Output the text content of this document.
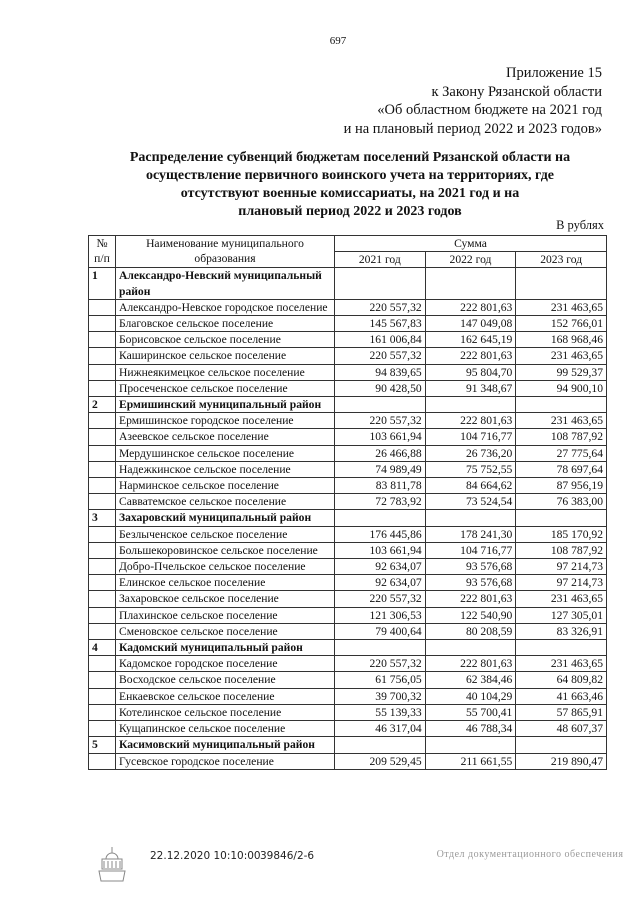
697
Приложение 15
к Закону Рязанской области
«Об областном бюджете на 2021 год
и на плановый период 2022 и 2023 годов»
Распределение субвенций бюджетам поселений Рязанской области на
осуществление первичного воинского учета на территориях, где
отсутствуют военные комиссариаты, на 2021 год и на
плановый период 2022 и 2023 годов
В рублях
№ п/п	Наименование муниципального образования	Сумма		
		2021 год	2022 год	2023 год
1	Александро-Невский муниципальный район			
	Александро-Невское городское поселение	220 557,32	222 801,63	231 463,65
	Благовское сельское поселение	145 567,83	147 049,08	152 766,01
	Борисовское сельское поселение	161 006,84	162 645,19	168 968,46
	Каширинское сельское поселение	220 557,32	222 801,63	231 463,65
	Нижнеякимецкое сельское поселение	94 839,65	95 804,70	99 529,37
	Просеченское сельское поселение	90 428,50	91 348,67	94 900,10
2	Ермишинский муниципальный район			
	Ермишинское городское поселение	220 557,32	222 801,63	231 463,65
	Азеевское сельское поселение	103 661,94	104 716,77	108 787,92
	Мердушинское сельское поселение	26 466,88	26 736,20	27 775,64
	Надежкинское сельское поселение	74 989,49	75 752,55	78 697,64
	Нарминское сельское поселение	83 811,78	84 664,62	87 956,19
	Савватемское сельское поселение	72 783,92	73 524,54	76 383,00
3	Захаровский муниципальный район			
	Безлыченское сельское поселение	176 445,86	178 241,30	185 170,92
	Большекоровинское сельское поселение	103 661,94	104 716,77	108 787,92
	Добро-Пчельское сельское поселение	92 634,07	93 576,68	97 214,73
	Елинское сельское поселение	92 634,07	93 576,68	97 214,73
	Захаровское сельское поселение	220 557,32	222 801,63	231 463,65
	Плахинское сельское поселение	121 306,53	122 540,90	127 305,01
	Сменовское сельское поселение	79 400,64	80 208,59	83 326,91
4	Кадомский муниципальный район			
	Кадомское городское поселение	220 557,32	222 801,63	231 463,65
	Восходское сельское поселение	61 756,05	62 384,46	64 809,82
	Енкаевское сельское поселение	39 700,32	40 104,29	41 663,46
	Котелинское сельское поселение	55 139,33	55 700,41	57 865,91
	Кущапинское сельское поселение	46 317,04	46 788,34	48 607,37
5	Касимовский муниципальный район			
	Гусевское городское поселение	209 529,45	211 661,55	219 890,47
22.12.2020 10:10:00 39846/2-6	Отдел документационного обеспечения
